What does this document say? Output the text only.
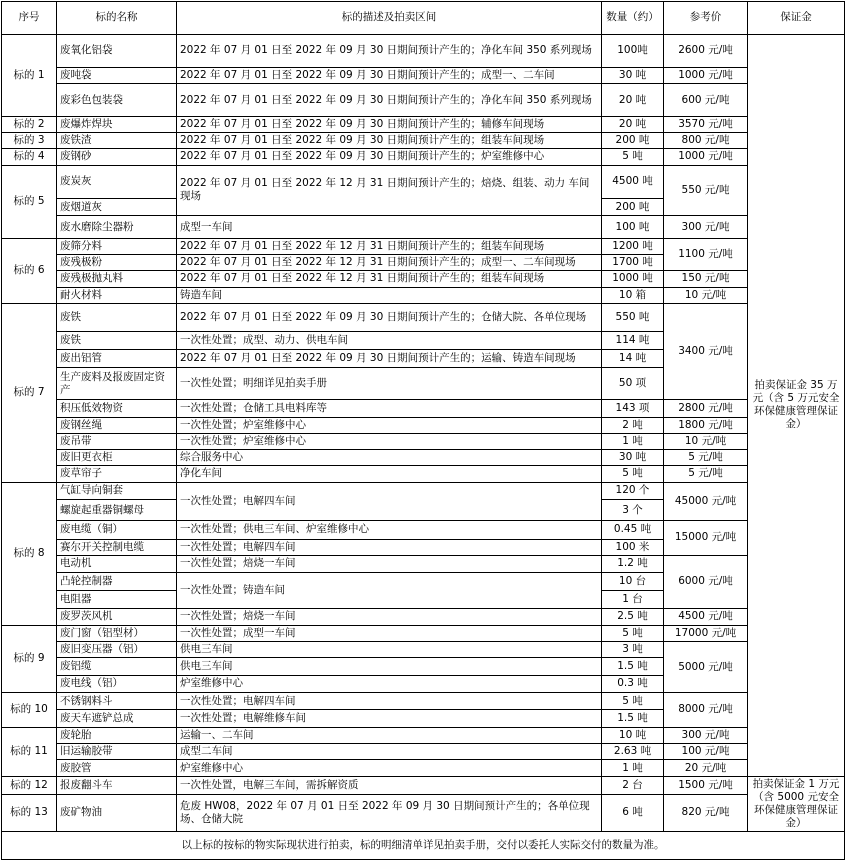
序号	标的名称	标的描述及拍卖区间	数量（约）	参考价	保证金
标的 1	废氧化铝袋	2022 年 07 月 01 日至 2022 年 09 月 30 日期间预计产生的；净化车间 350 系列现场	100吨	2600 元/吨	拍卖保证金 35 万元（含 5 万元安全环保健康管理保证金）
	废吨袋	2022 年 07 月 01 日至 2022 年 09 月 30 日期间预计产生的；成型一、二车间	30 吨	1000 元/吨	
	废彩色包装袋	2022 年 07 月 01 日至 2022 年 09 月 30 日期间预计产生的；净化车间 350 系列现场	20 吨	600 元/吨	
标的 2	废爆炸焊块	2022 年 07 月 01 日至 2022 年 09 月 30 日期间预计产生的；辅修车间现场	20 吨	3570 元/吨	
标的 3	废铁渣	2022 年 07 月 01 日至 2022 年 09 月 30 日期间预计产生的；组装车间现场	200 吨	800 元/吨	
标的 4	废钢砂	2022 年 07 月 01 日至 2022 年 09 月 30 日期间预计产生的；炉室维修中心	5 吨	1000 元/吨	
标的 5	废炭灰	2022 年 07 月 01 日至 2022 年 12 月 31 日期间预计产生的；焙烧、组装、动力 车间现场	4500 吨	550 元/吨	
	废烟道灰		200 吨		
	废水磨除尘器粉	成型一车间	100 吨	300 元/吨	
标的 6	废筛分料	2022 年 07 月 01 日至 2022 年 12 月 31 日期间预计产生的；组装车间现场	1200 吨	1100 元/吨	
	废残极粉	2022 年 07 月 01 日至 2022 年 12 月 31 日期间预计产生的；成型一、二车间现场	1700 吨		
	废残极抛丸料	2022 年 07 月 01 日至 2022 年 12 月 31 日期间预计产生的；组装车间现场	1000 吨	150 元/吨	
	耐火材料	铸造车间	10 箱	10 元/吨	
标的 7	废铁	2022 年 07 月 01 日至 2022 年 09 月 30 日期间预计产生的；仓储大院、各单位现场	550 吨	3400 元/吨	
	废铁	一次性处置；成型、动力、供电车间	114 吨		
	废出铝管	2022 年 07 月 01 日至 2022 年 09 月 30 日期间预计产生的；运输、铸造车间现场	14 吨		
	生产废料及报废固定资产	一次性处置；明细详见拍卖手册	50 项		
	积压低效物资	一次性处置；仓储工具电料库等	143 项	2800 元/吨	
	废钢丝绳	一次性处置；炉室维修中心	2 吨	1800 元/吨	
	废吊带	一次性处置；炉室维修中心	1 吨	10 元/吨	
	废旧更衣柜	综合服务中心	30 吨	5 元/吨	
	废草帘子	净化车间	5 吨	5 元/吨	
标的 8	气缸导向铜套	一次性处置；电解四车间	120 个	45000 元/吨	
	螺旋起重器铜螺母		3 个		
	废电缆（铜）	一次性处置；供电三车间、炉室维修中心	0.45 吨	15000 元/吨	
	赛尔开关控制电缆	一次性处置；电解四车间	100 米		
	电动机	一次性处置；焙烧一车间	1.2 吨	6000 元/吨	
	凸轮控制器	一次性处置；铸造车间	10 台		
	电阻器		1 台		
	废罗茨风机	一次性处置；焙烧一车间	2.5 吨	4500 元/吨	
标的 9	废门窗（铝型材）	一次性处置；成型一车间	5 吨	17000 元/吨	
	废旧变压器（铝）	供电三车间	3 吨	5000 元/吨	
	废铝缆	供电三车间	1.5 吨		
	废电线（铝）	炉室维修中心	0.3 吨		
标的 10	不锈钢料斗	一次性处置；电解四车间	5 吨	8000 元/吨	
	废天车遮铲总成	一次性处置；电解维修车间	1.5 吨		
标的 11	废轮胎	运输一、二车间	10 吨	300 元/吨	
	旧运输胶带	成型二车间	2.63 吨	100 元/吨	
	废胶管	炉室维修中心	1 吨	20 元/吨	
标的 12	报废翻斗车	一次性处置，电解三车间，需拆解资质	2 台	1500 元/吨	拍卖保证金 1 万元（含 5000 元安全环保健康管理保证金）
标的 13	废矿物油	危废 HW08，2022 年 07 月 01 日至 2022 年 09 月 30 日期间预计产生的；各单位现场、仓储大院	6 吨	820 元/吨	
以上标的按标的物实际现状进行拍卖，标的明细清单详见拍卖手册，交付以委托人实际交付的数量为准。					
